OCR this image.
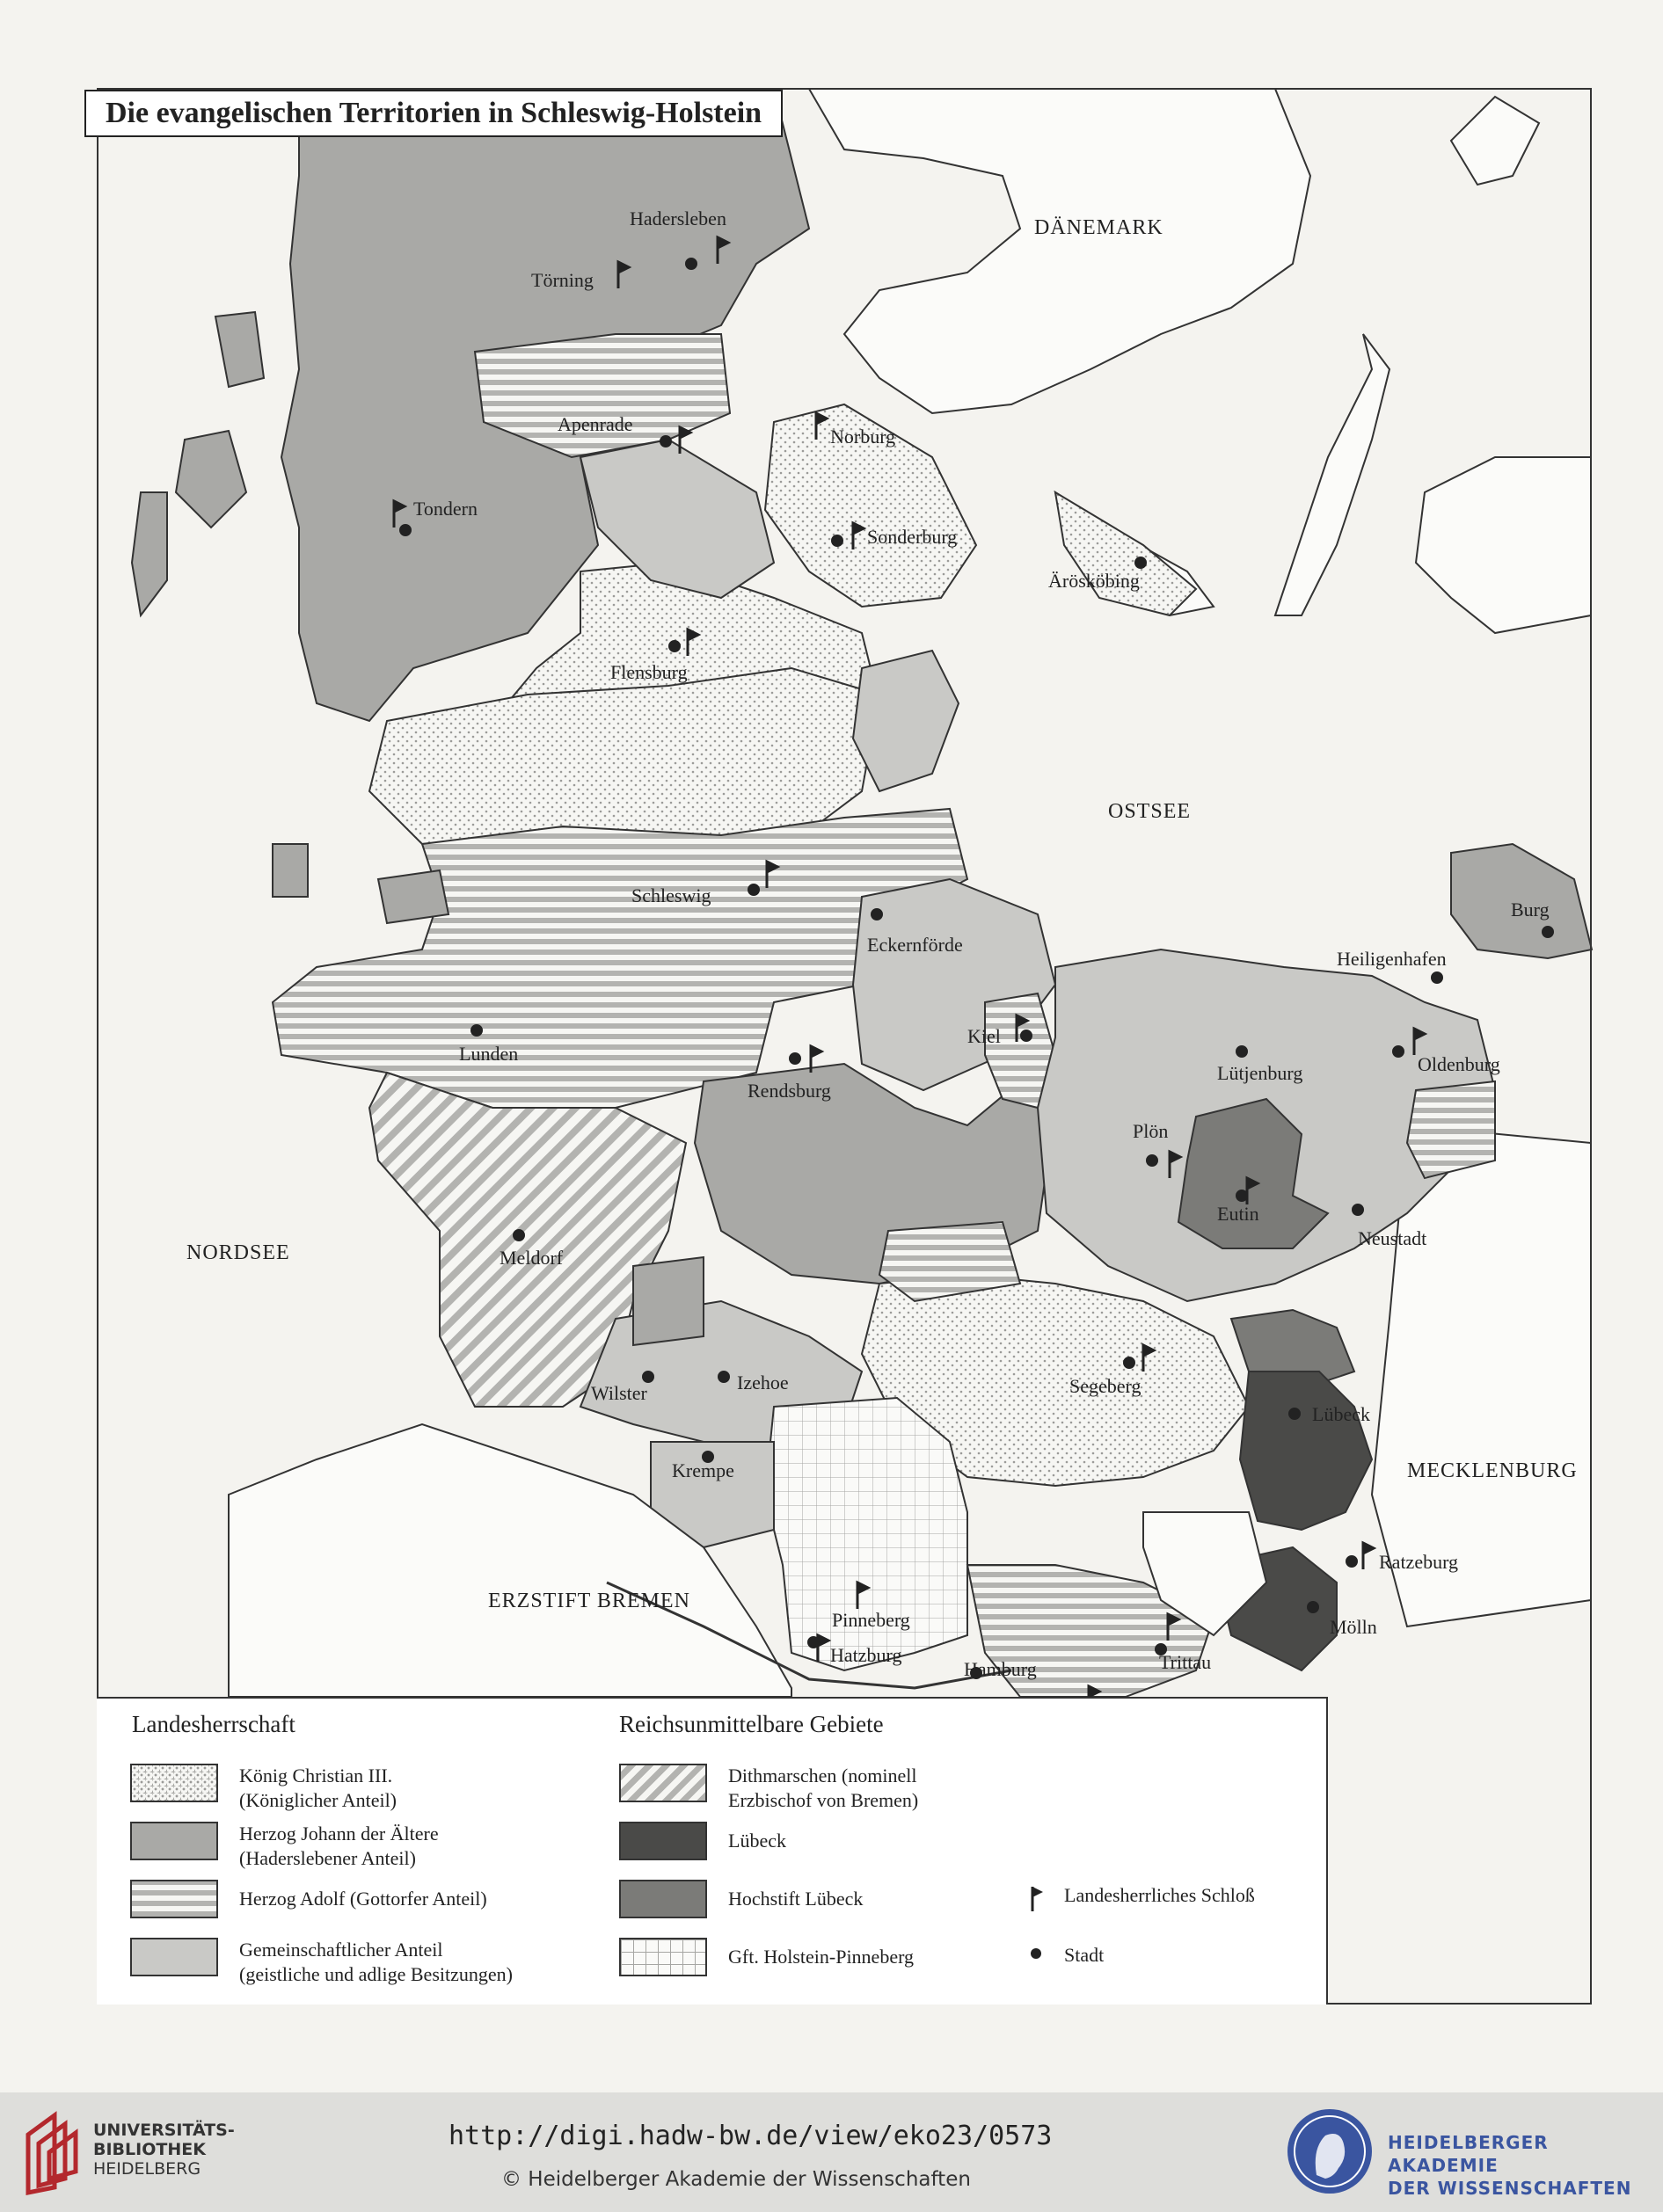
Die evangelischen Territorien in Schleswig-Holstein
DÄNEMARK
OSTSEE
NORDSEE
MECKLENBURG
ERZSTIFT BREMEN
Hadersleben
Törning
Apenrade
Norburg
Tondern
Sonderburg
Ärösköbing
Flensburg
Schleswig
Eckernförde
Burg
Heiligenhafen
Lunden
Kiel
Lütjenburg	Oldenburg
Rendsburg
Plön
Eutin
Neustadt
Meldorf
Wilster	Izehoe	Segeberg
Lübeck
Krempe
Ratzeburg
Pinneberg	Mölln
Hatzburg	Trittau
Hamburg
Landesherrschaft	Reichsunmittelbare Gebiete
König Christian III.
(Königlicher Anteil)
Herzog Johann der Ältere
(Haderslebener Anteil)
Herzog Adolf (Gottorfer Anteil)
Gemeinschaftlicher Anteil
(geistliche und adlige Besitzungen)
Dithmarschen (nominell
Erzbischof von Bremen)
Lübeck
Hochstift Lübeck
Gft. Holstein-Pinneberg
Landesherrliches Schloß
Stadt
UNIVERSITÄTS-
BIBLIOTHEK
HEIDELBERG
http://digi.hadw-bw.de/view/eko23/0573
© Heidelberger Akademie der Wissenschaften
HEIDELBERGER AKADEMIE
DER WISSENSCHAFTEN
